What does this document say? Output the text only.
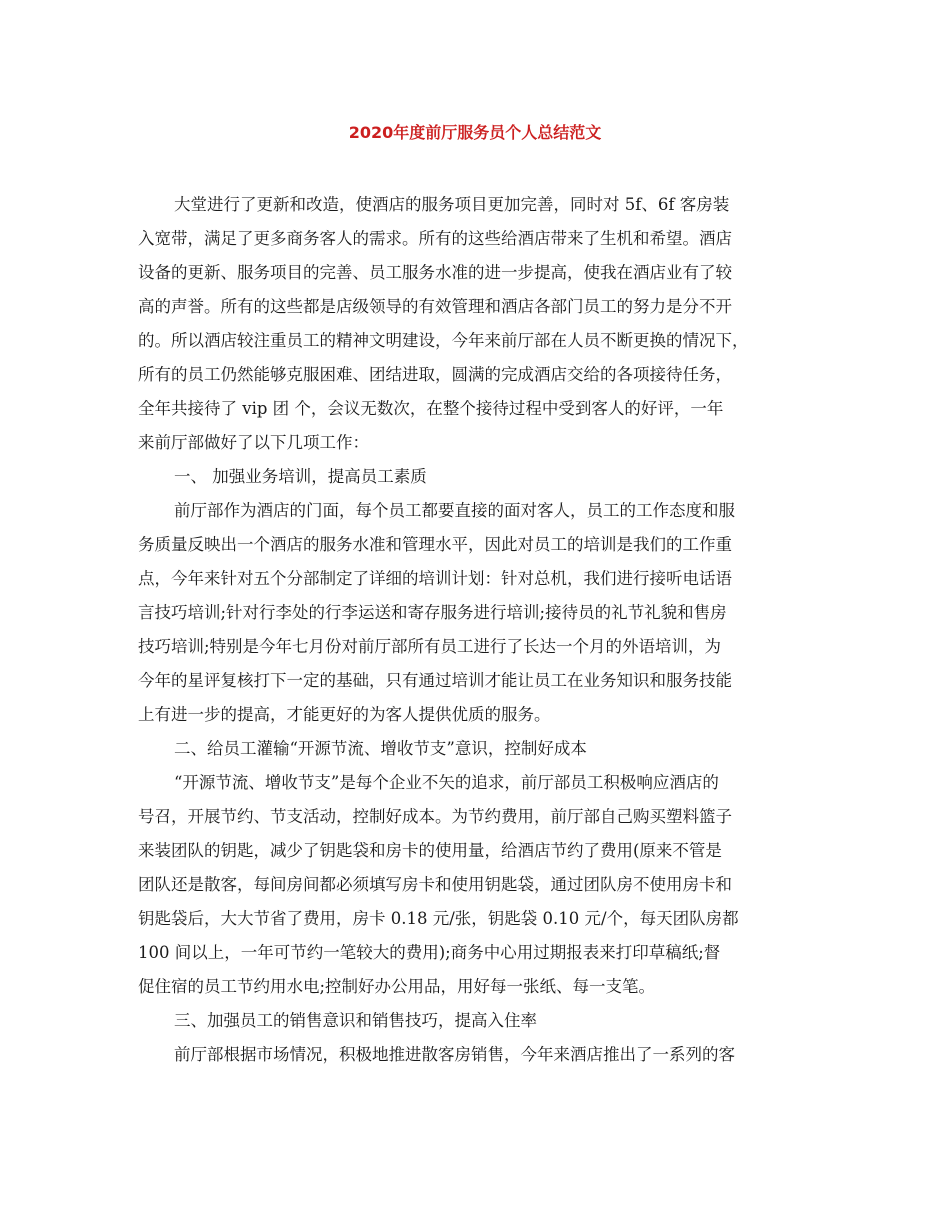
2020年度前厅服务员个人总结范文
大堂进行了更新和改造，使酒店的服务项目更加完善，同时对 5f、6f 客房装
入宽带，满足了更多商务客人的需求。所有的这些给酒店带来了生机和希望。酒店
设备的更新、服务项目的完善、员工服务水准的进一步提高，使我在酒店业有了较
高的声誉。所有的这些都是店级领导的有效管理和酒店各部门员工的努力是分不开
的。所以酒店较注重员工的精神文明建设，今年来前厅部在人员不断更换的情况下，
所有的员工仍然能够克服困难、团结进取，圆满的完成酒店交给的各项接待任务，
全年共接待了 vip 团 个，会议无数次，在整个接待过程中受到客人的好评，一年
来前厅部做好了以下几项工作：
一、 加强业务培训，提高员工素质
前厅部作为酒店的门面，每个员工都要直接的面对客人，员工的工作态度和服
务质量反映出一个酒店的服务水准和管理水平，因此对员工的培训是我们的工作重
点，今年来针对五个分部制定了详细的培训计划：针对总机，我们进行接听电话语
言技巧培训;针对行李处的行李运送和寄存服务进行培训;接待员的礼节礼貌和售房
技巧培训;特别是今年七月份对前厅部所有员工进行了长达一个月的外语培训，为
今年的星评复核打下一定的基础，只有通过培训才能让员工在业务知识和服务技能
上有进一步的提高，才能更好的为客人提供优质的服务。
二、给员工灌输“开源节流、增收节支”意识，控制好成本
“开源节流、增收节支”是每个企业不矢的追求，前厅部员工积极响应酒店的
号召，开展节约、节支活动，控制好成本。为节约费用，前厅部自己购买塑料篮子
来装团队的钥匙，减少了钥匙袋和房卡的使用量，给酒店节约了费用(原来不管是
团队还是散客，每间房间都必须填写房卡和使用钥匙袋，通过团队房不使用房卡和
钥匙袋后，大大节省了费用，房卡 0.18 元/张，钥匙袋 0.10 元/个，每天团队房都
100 间以上，一年可节约一笔较大的费用);商务中心用过期报表来打印草稿纸;督
促住宿的员工节约用水电;控制好办公用品，用好每一张纸、每一支笔。
三、加强员工的销售意识和销售技巧，提高入住率
前厅部根据市场情况，积极地推进散客房销售，今年来酒店推出了一系列的客
